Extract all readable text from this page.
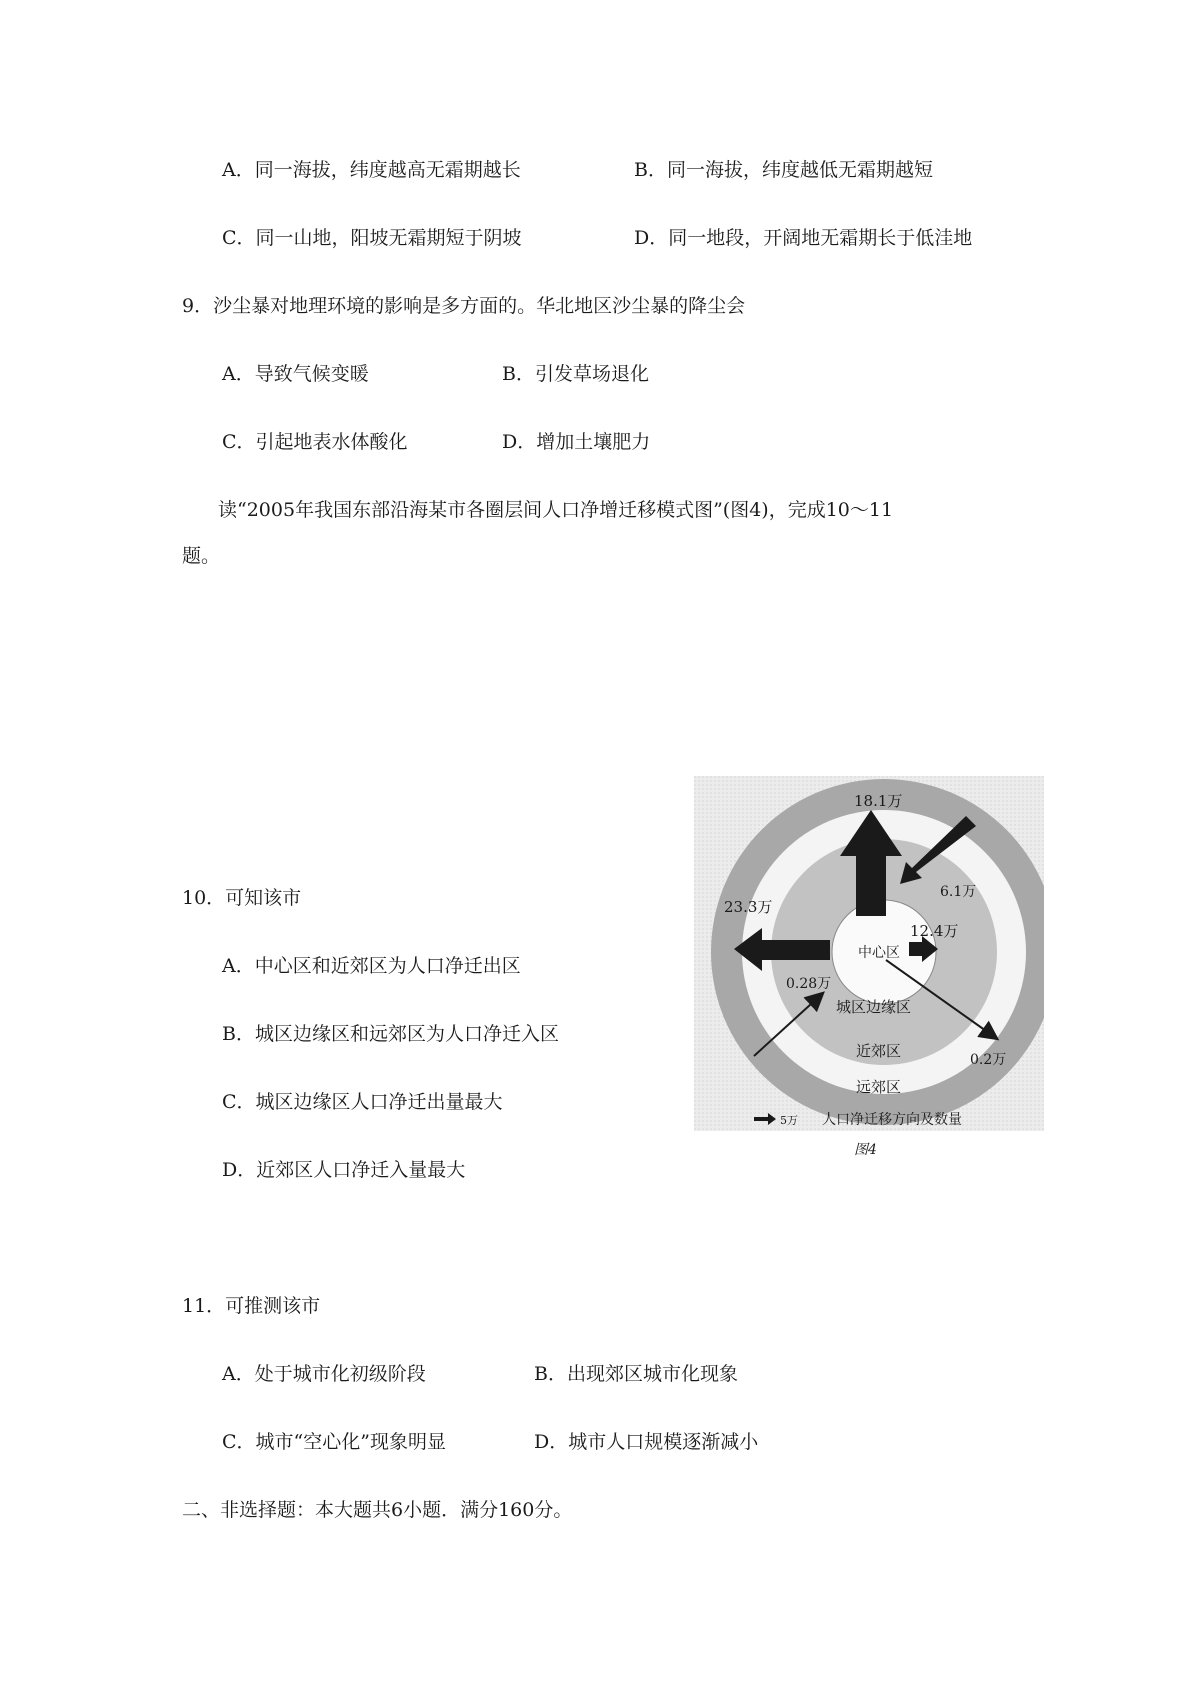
A．同一海拔，纬度越高无霜期越长	B．同一海拔，纬度越低无霜期越短
C．同一山地，阳坡无霜期短于阴坡	D．同一地段，开阔地无霜期长于低洼地
9．沙尘暴对地理环境的影响是多方面的。华北地区沙尘暴的降尘会
A．导致气候变暖	B．引发草场退化
C．引起地表水体酸化	D．增加土壤肥力
读“2005年我国东部沿海某市各圈层间人口净增迁移模式图”(图4)，完成10～11
题。
10．可知该市
A．中心区和近郊区为人口净迁出区
B．城区边缘区和远郊区为人口净迁入区
C．城区边缘区人口净迁出量最大
D．近郊区人口净迁入量最大
18.1万
23.3万
12.4万
6.1万
0.28万
0.2万
中心区
城区边缘区
近郊区
远郊区
5万 人口净迁移方向及数量
图4
11．可推测该市
A．处于城市化初级阶段	B．出现郊区城市化现象
C．城市“空心化”现象明显	D．城市人口规模逐渐减小
二、非选择题：本大题共6小题．满分160分。
